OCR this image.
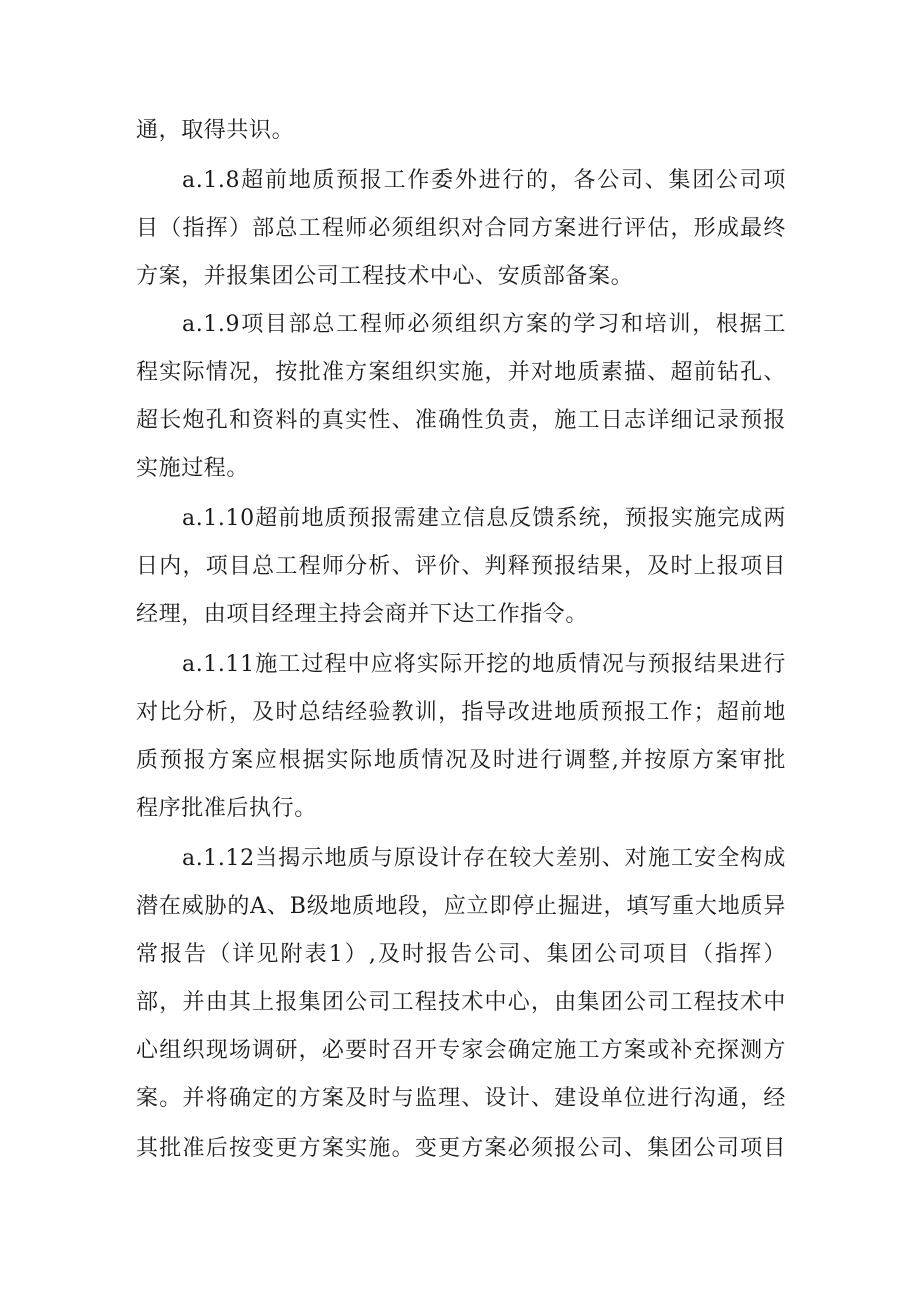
通，取得共识。
a.1.8超前地质预报工作委外进行的，各公司、集团公司项
目（指挥）部总工程师必须组织对合同方案进行评估，形成最终
方案，并报集团公司工程技术中心、安质部备案。
a.1.9项目部总工程师必须组织方案的学习和培训，根据工
程实际情况，按批准方案组织实施，并对地质素描、超前钻孔、
超长炮孔和资料的真实性、准确性负责，施工日志详细记录预报
实施过程。
a.1.10超前地质预报需建立信息反馈系统，预报实施完成两
日内，项目总工程师分析、评价、判释预报结果，及时上报项目
经理，由项目经理主持会商并下达工作指令。
a.1.11施工过程中应将实际开挖的地质情况与预报结果进行
对比分析，及时总结经验教训，指导改进地质预报工作；超前地
质预报方案应根据实际地质情况及时进行调整,并按原方案审批
程序批准后执行。
a.1.12当揭示地质与原设计存在较大差别、对施工安全构成
潜在威胁的A、B级地质地段，应立即停止掘进，填写重大地质异
常报告（详见附表1）,及时报告公司、集团公司项目（指挥）
部，并由其上报集团公司工程技术中心，由集团公司工程技术中
心组织现场调研，必要时召开专家会确定施工方案或补充探测方
案。并将确定的方案及时与监理、设计、建设单位进行沟通，经
其批准后按变更方案实施。变更方案必须报公司、集团公司项目
